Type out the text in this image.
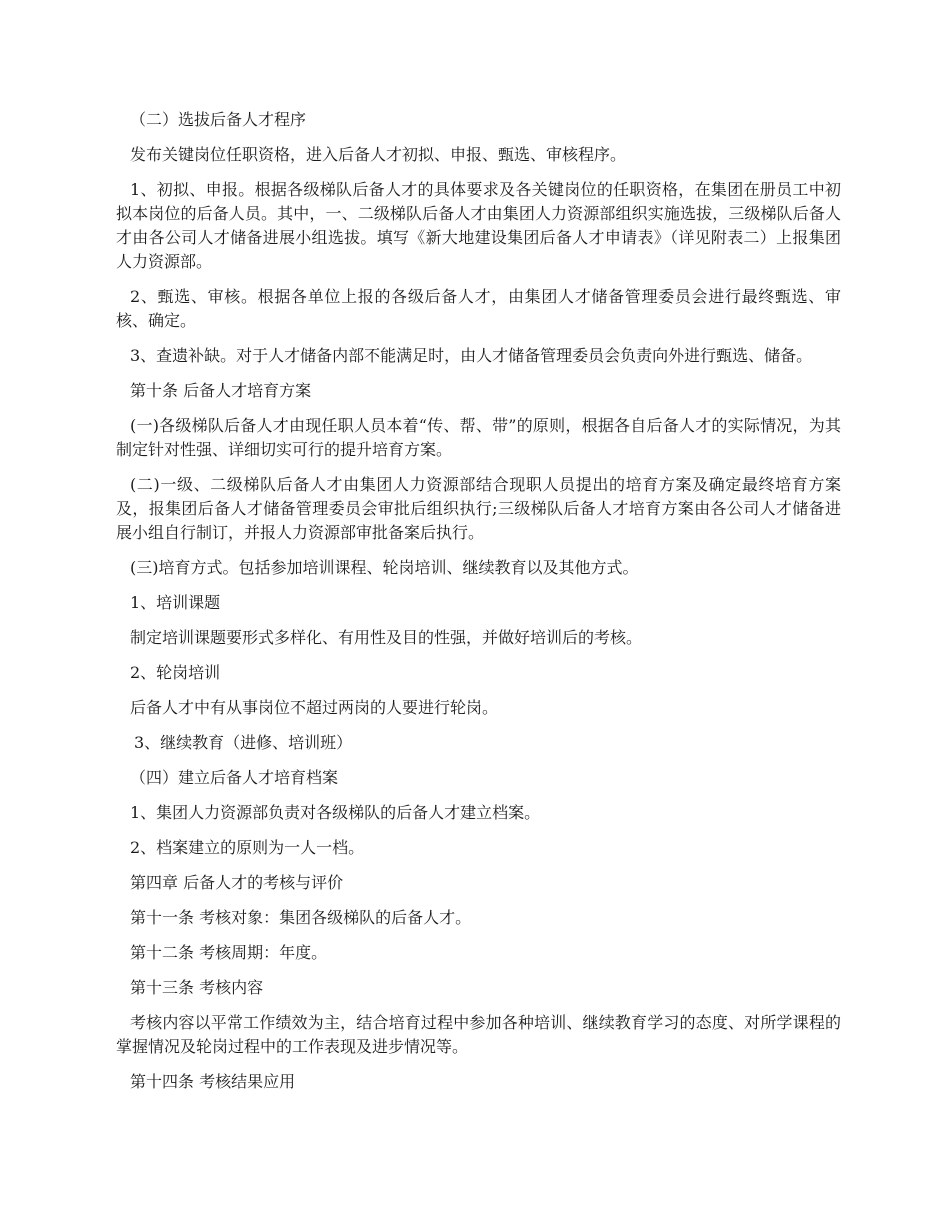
（二）选拔后备人才程序

发布关键岗位任职资格，进入后备人才初拟、申报、甄选、审核程序。

1、初拟、申报。根据各级梯队后备人才的具体要求及各关键岗位的任职资格，在集团在册员工中初拟本岗位的后备人员。其中，一、二级梯队后备人才由集团人力资源部组织实施选拔，三级梯队后备人才由各公司人才储备进展小组选拔。填写《新大地建设集团后备人才申请表》（详见附表二）上报集团人力资源部。

2、甄选、审核。根据各单位上报的各级后备人才，由集团人才储备管理委员会进行最终甄选、审核、确定。

3、查遗补缺。对于人才储备内部不能满足时，由人才储备管理委员会负责向外进行甄选、储备。

第十条 后备人才培育方案

(一)各级梯队后备人才由现任职人员本着“传、帮、带”的原则，根据各自后备人才的实际情况，为其制定针对性强、详细切实可行的提升培育方案。

(二)一级、二级梯队后备人才由集团人力资源部结合现职人员提出的培育方案及确定最终培育方案及，报集团后备人才储备管理委员会审批后组织执行;三级梯队后备人才培育方案由各公司人才储备进展小组自行制订，并报人力资源部审批备案后执行。

(三)培育方式。包括参加培训课程、轮岗培训、继续教育以及其他方式。

1、培训课题

制定培训课题要形式多样化、有用性及目的性强，并做好培训后的考核。

2、轮岗培训

后备人才中有从事岗位不超过两岗的人要进行轮岗。

3、继续教育（进修、培训班）

（四）建立后备人才培育档案

1、集团人力资源部负责对各级梯队的后备人才建立档案。

2、档案建立的原则为一人一档。

第四章 后备人才的考核与评价

第十一条 考核对象：集团各级梯队的后备人才。

第十二条 考核周期：年度。

第十三条 考核内容

考核内容以平常工作绩效为主，结合培育过程中参加各种培训、继续教育学习的态度、对所学课程的掌握情况及轮岗过程中的工作表现及进步情况等。

第十四条 考核结果应用
